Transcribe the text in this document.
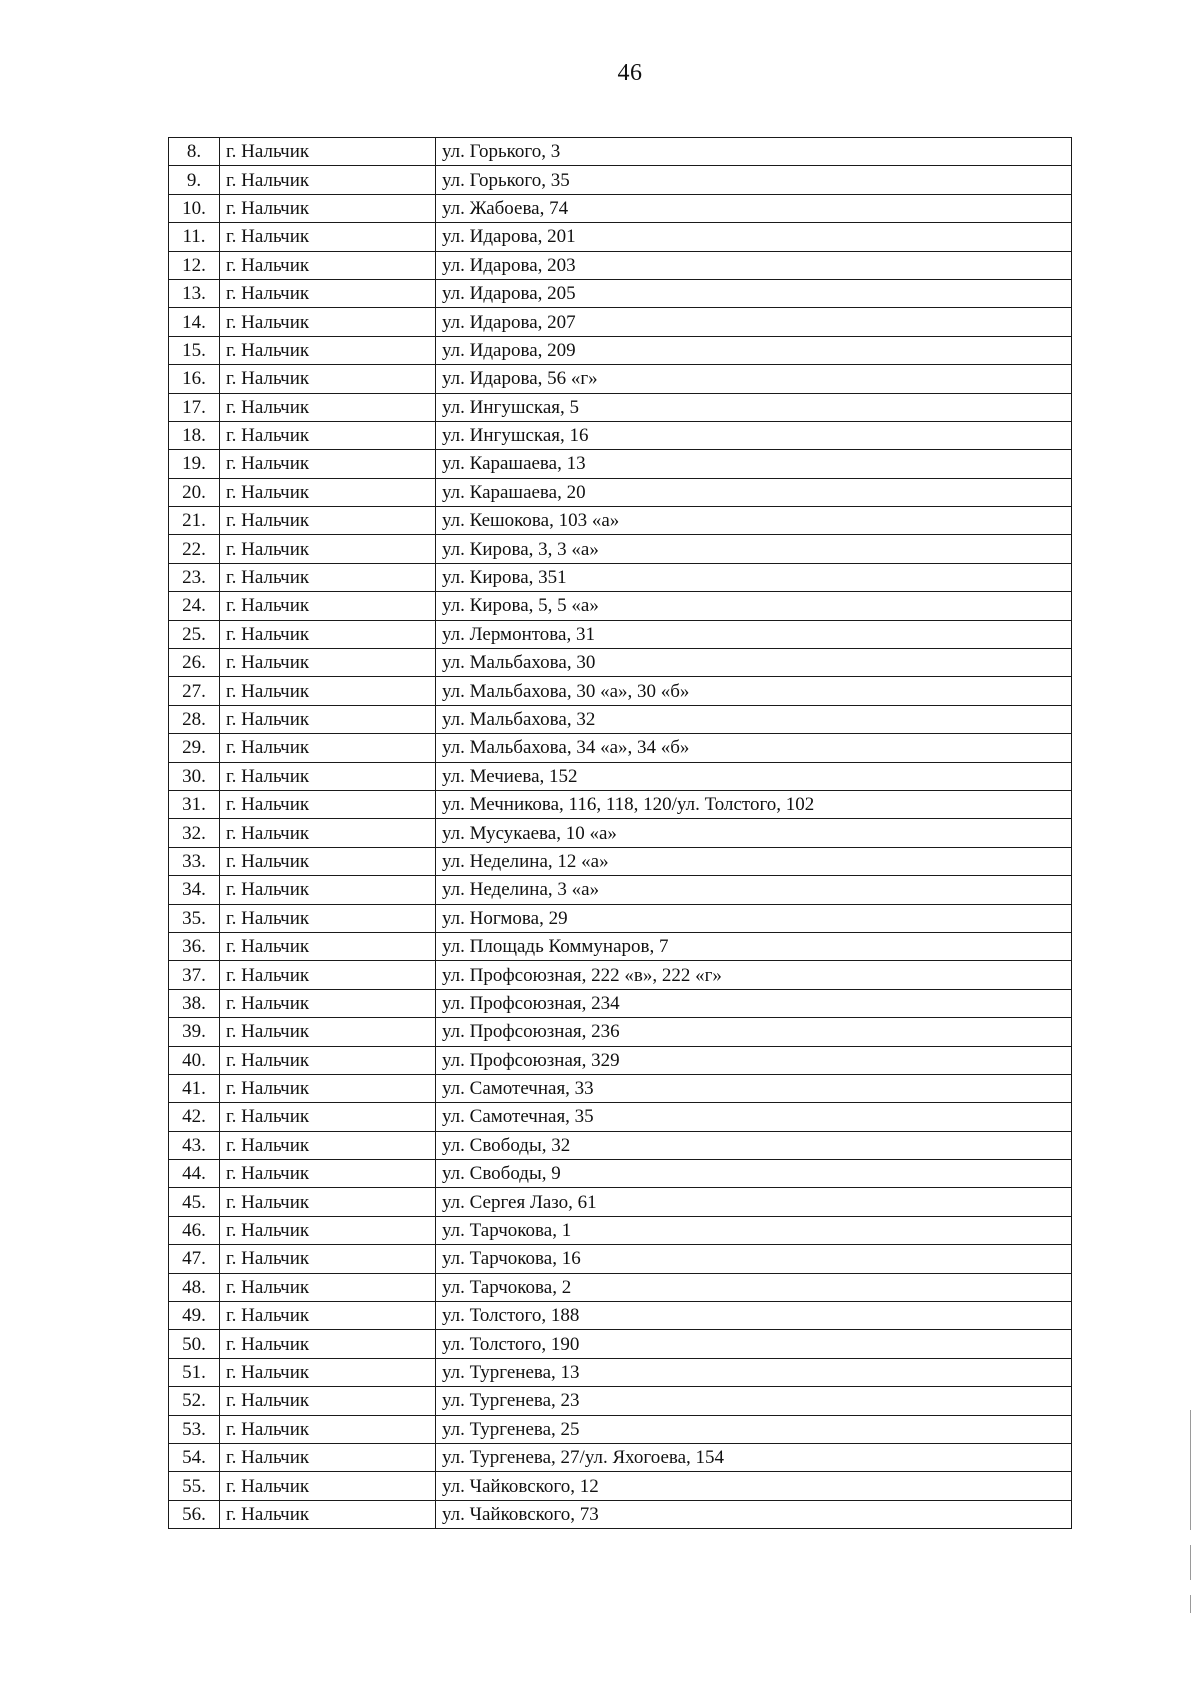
46
8.	г. Нальчик	ул. Горького, 3
9.	г. Нальчик	ул. Горького, 35
10.	г. Нальчик	ул. Жабоева, 74
11.	г. Нальчик	ул. Идарова, 201
12.	г. Нальчик	ул. Идарова, 203
13.	г. Нальчик	ул. Идарова, 205
14.	г. Нальчик	ул. Идарова, 207
15.	г. Нальчик	ул. Идарова, 209
16.	г. Нальчик	ул. Идарова, 56 «г»
17.	г. Нальчик	ул. Ингушская, 5
18.	г. Нальчик	ул. Ингушская, 16
19.	г. Нальчик	ул. Карашаева, 13
20.	г. Нальчик	ул. Карашаева, 20
21.	г. Нальчик	ул. Кешокова, 103 «а»
22.	г. Нальчик	ул. Кирова, 3, 3 «а»
23.	г. Нальчик	ул. Кирова, 351
24.	г. Нальчик	ул. Кирова, 5, 5 «а»
25.	г. Нальчик	ул. Лермонтова, 31
26.	г. Нальчик	ул. Мальбахова, 30
27.	г. Нальчик	ул. Мальбахова, 30 «а», 30 «б»
28.	г. Нальчик	ул. Мальбахова, 32
29.	г. Нальчик	ул. Мальбахова, 34 «а», 34 «б»
30.	г. Нальчик	ул. Мечиева, 152
31.	г. Нальчик	ул. Мечникова, 116, 118, 120/ул. Толстого, 102
32.	г. Нальчик	ул. Мусукаева, 10 «а»
33.	г. Нальчик	ул. Неделина, 12 «а»
34.	г. Нальчик	ул. Неделина, 3 «а»
35.	г. Нальчик	ул. Ногмова, 29
36.	г. Нальчик	ул. Площадь Коммунаров, 7
37.	г. Нальчик	ул. Профсоюзная, 222 «в», 222 «г»
38.	г. Нальчик	ул. Профсоюзная, 234
39.	г. Нальчик	ул. Профсоюзная, 236
40.	г. Нальчик	ул. Профсоюзная, 329
41.	г. Нальчик	ул. Самотечная, 33
42.	г. Нальчик	ул. Самотечная, 35
43.	г. Нальчик	ул. Свободы, 32
44.	г. Нальчик	ул. Свободы, 9
45.	г. Нальчик	ул. Сергея Лазо, 61
46.	г. Нальчик	ул. Тарчокова, 1
47.	г. Нальчик	ул. Тарчокова, 16
48.	г. Нальчик	ул. Тарчокова, 2
49.	г. Нальчик	ул. Толстого, 188
50.	г. Нальчик	ул. Толстого, 190
51.	г. Нальчик	ул. Тургенева, 13
52.	г. Нальчик	ул. Тургенева, 23
53.	г. Нальчик	ул. Тургенева, 25
54.	г. Нальчик	ул. Тургенева, 27/ул. Яхогоева, 154
55.	г. Нальчик	ул. Чайковского, 12
56.	г. Нальчик	ул. Чайковского, 73
